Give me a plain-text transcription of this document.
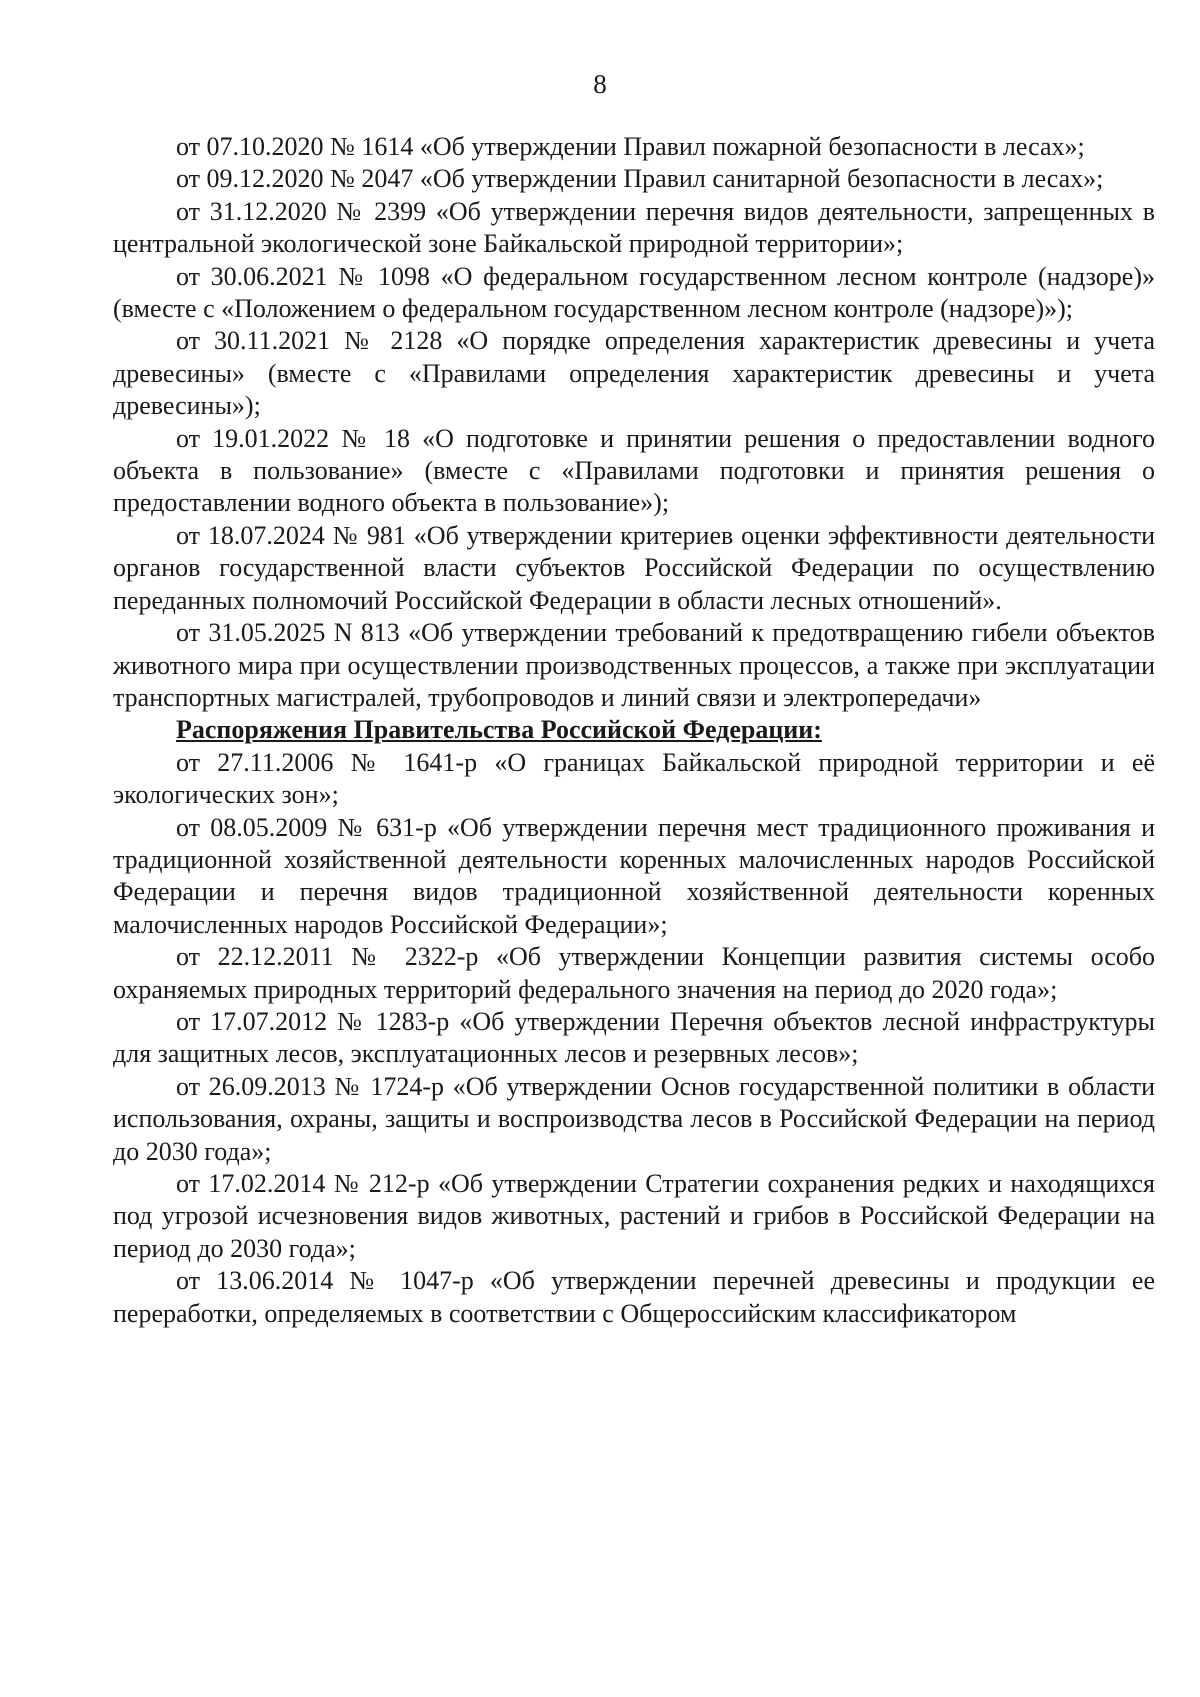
8

от 07.10.2020 № 1614 «Об утверждении Правил пожарной безопасности в лесах»;

от 09.12.2020 № 2047 «Об утверждении Правил санитарной безопасности в лесах»;

от 31.12.2020 № 2399 «Об утверждении перечня видов деятельности, запрещенных в центральной экологической зоне Байкальской природной территории»;

от 30.06.2021 № 1098 «О федеральном государственном лесном контроле (надзоре)» (вместе с «Положением о федеральном государственном лесном контроле (надзоре)»);

от 30.11.2021 № 2128 «О порядке определения характеристик древесины и учета древесины» (вместе с «Правилами определения характеристик древесины и учета древесины»);

от 19.01.2022 № 18 «О подготовке и принятии решения о предоставлении водного объекта в пользование» (вместе с «Правилами подготовки и принятия решения о предоставлении водного объекта в пользование»);

от 18.07.2024 № 981 «Об утверждении критериев оценки эффективности деятельности органов государственной власти субъектов Российской Федерации по осуществлению переданных полномочий Российской Федерации в области лесных отношений».

от 31.05.2025 N 813 «Об утверждении требований к предотвращению гибели объектов животного мира при осуществлении производственных процессов, а также при эксплуатации транспортных магистралей, трубопроводов и линий связи и электропередачи»

Распоряжения Правительства Российской Федерации:

от 27.11.2006 № 1641-р «О границах Байкальской природной территории и её экологических зон»;

от 08.05.2009 № 631-р «Об утверждении перечня мест традиционного проживания и традиционной хозяйственной деятельности коренных малочисленных народов Российской Федерации и перечня видов традиционной хозяйственной деятельности коренных малочисленных народов Российской Федерации»;

от 22.12.2011 № 2322-р «Об утверждении Концепции развития системы особо охраняемых природных территорий федерального значения на период до 2020 года»;

от 17.07.2012 № 1283-р «Об утверждении Перечня объектов лесной инфраструктуры для защитных лесов, эксплуатационных лесов и резервных лесов»;

от 26.09.2013 № 1724-р «Об утверждении Основ государственной политики в области использования, охраны, защиты и воспроизводства лесов в Российской Федерации на период до 2030 года»;

от 17.02.2014 № 212-р «Об утверждении Стратегии сохранения редких и находящихся под угрозой исчезновения видов животных, растений и грибов в Российской Федерации на период до 2030 года»;

от 13.06.2014 № 1047-р «Об утверждении перечней древесины и продукции ее переработки, определяемых в соответствии с Общероссийским классификатором
